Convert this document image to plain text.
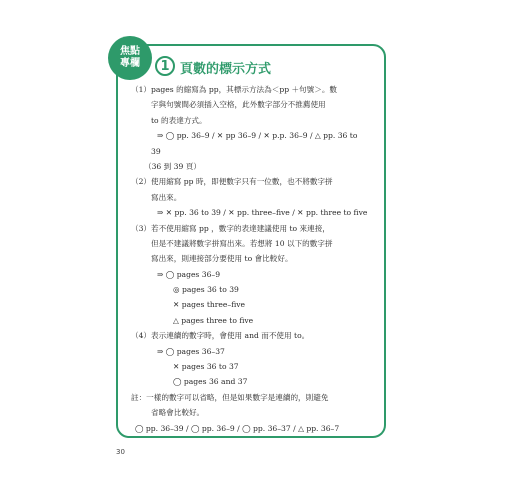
焦點
專欄	1 頁數的標示方式
（1）pages 的縮寫為 pp，其標示方法為＜pp ＋句號＞。數
字與句號間必須插入空格，此外數字部分不推薦使用
to 的表達方式。
⇒ ◯ pp. 36–9 / ✕ pp 36–9 / ✕ p.p. 36–9 / △ pp. 36 to
39
（36 到 39 頁）
（2）使用縮寫 pp 時，即便數字只有一位數，也不將數字拼
寫出來。
⇒ ✕ pp. 36 to 39 / ✕ pp. three–five / ✕ pp. three to five
（3）若不使用縮寫 pp ，數字的表達建議使用 to 來連接，
但是不建議將數字拼寫出來。若想將 10 以下的數字拼
寫出來，則連接部分要使用 to 會比較好。
⇒ ◯ pages 36–9
◎ pages 36 to 39
✕ pages three–five
△ pages three to five
（4）表示連續的數字時，會使用 and 而不使用 to。
⇒ ◯ pages 36–37
✕ pages 36 to 37
◯ pages 36 and 37
註：一樣的數字可以省略，但是如果數字是連續的，則避免
省略會比較好。
◯ pp. 36–39 / ◯ pp. 36–9 / ◯ pp. 36–37 / △ pp. 36–7
30
